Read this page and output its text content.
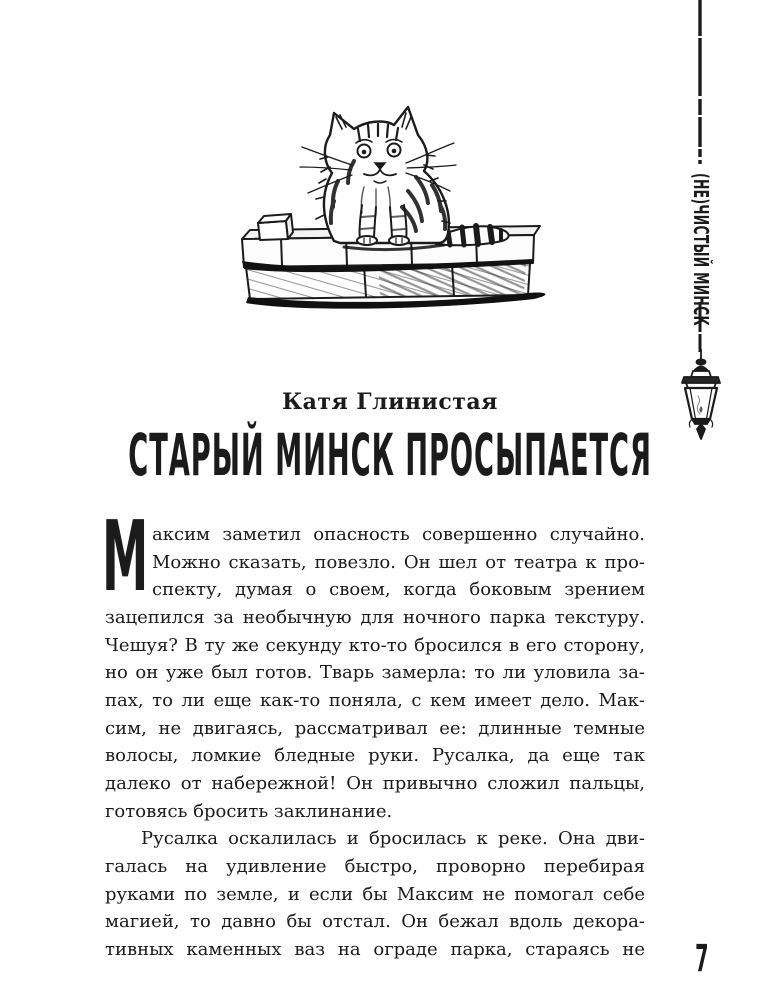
(НЕ)ЧИСТЫЙ МИНСК
Катя Глинистая
СТАРЫЙ МИНСК ПРОСЫПАЕТСЯ
М аксим заметил опасность совершенно случайно.
Можно сказать, повезло. Он шел от театра к про-
спекту, думая о своем, когда боковым зрением
зацепился за необычную для ночного парка текстуру.
Чешуя? В ту же секунду кто-то бросился в его сторону,
но он уже был готов. Тварь замерла: то ли уловила за-
пах, то ли еще как-то поняла, с кем имеет дело. Мак-
сим, не двигаясь, рассматривал ее: длинные темные
волосы, ломкие бледные руки. Русалка, да еще так
далеко от набережной! Он привычно сложил пальцы,
готовясь бросить заклинание.
Русалка оскалилась и бросилась к реке. Она дви-
галась на удивление быстро, проворно перебирая
руками по земле, и если бы Максим не помогал себе
магией, то давно бы отстал. Он бежал вдоль декора-
тивных каменных ваз на ограде парка, стараясь не 7
